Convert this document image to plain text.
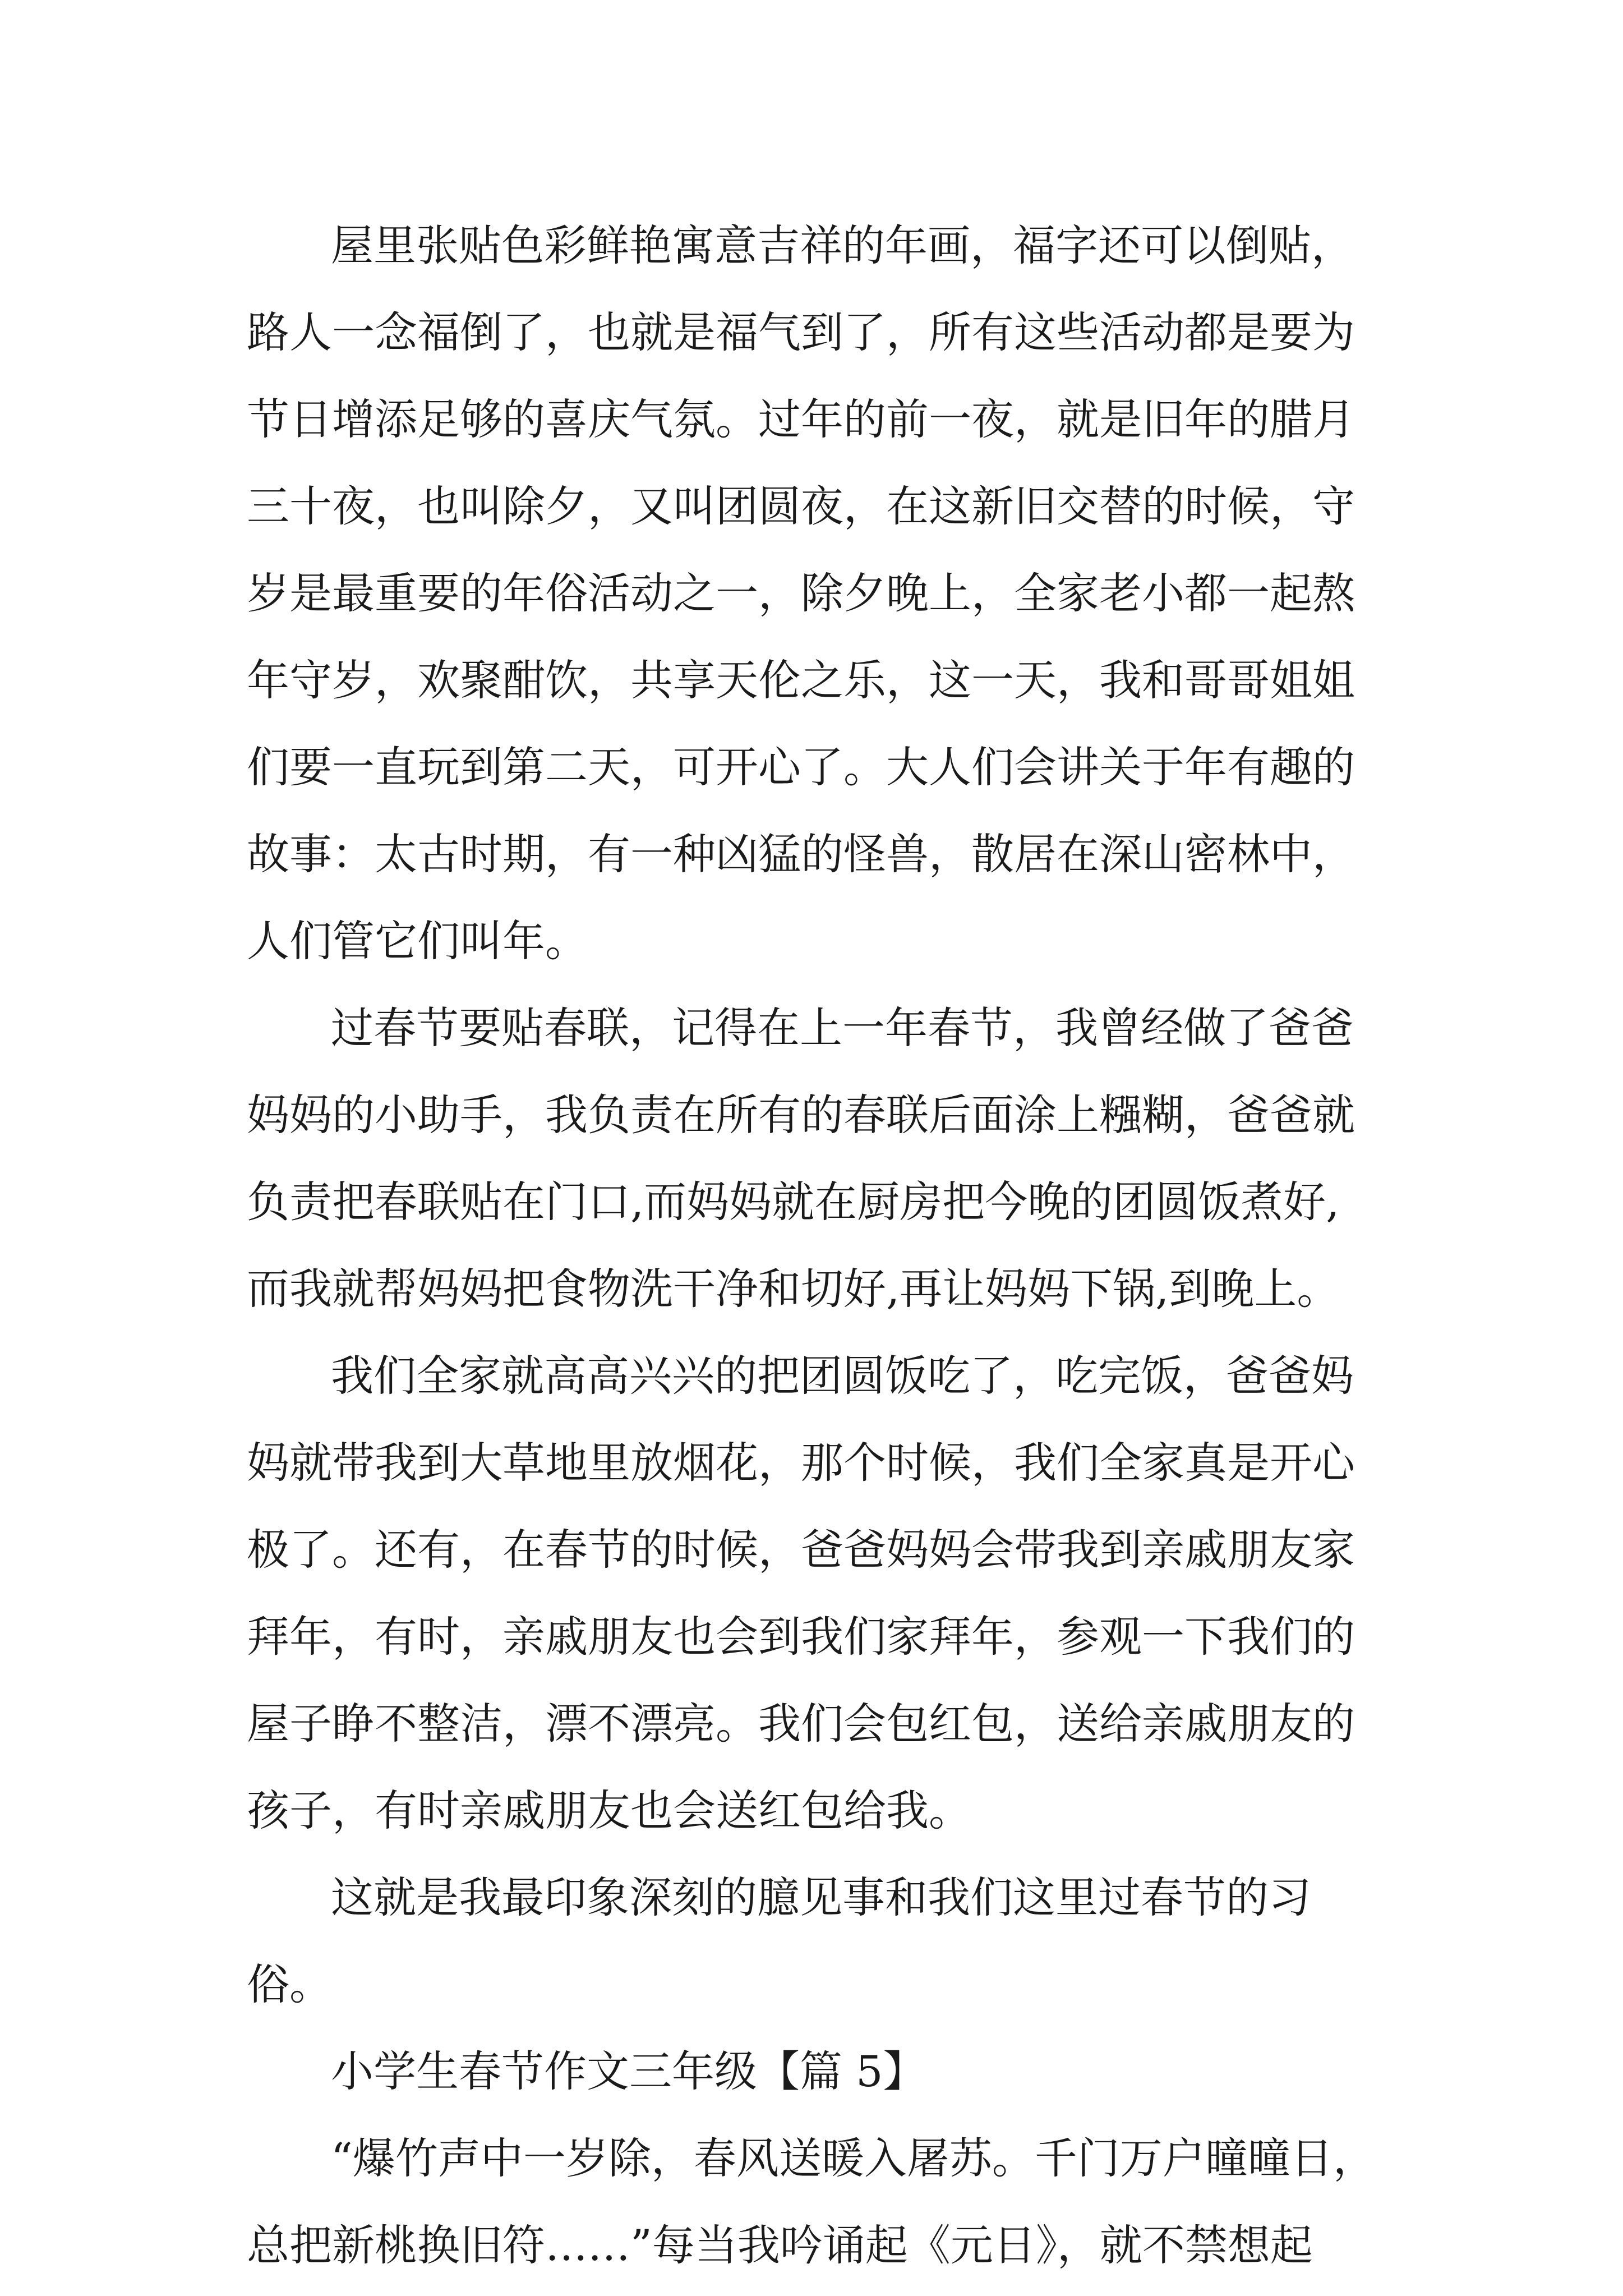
屋里张贴色彩鲜艳寓意吉祥的年画，福字还可以倒贴，
路人一念福倒了，也就是福气到了，所有这些活动都是要为
节日增添足够的喜庆气氛。过年的前一夜，就是旧年的腊月
三十夜，也叫除夕，又叫团圆夜，在这新旧交替的时候，守
岁是最重要的年俗活动之一，除夕晚上，全家老小都一起熬
年守岁，欢聚酣饮，共享天伦之乐，这一天，我和哥哥姐姐
们要一直玩到第二天，可开心了。大人们会讲关于年有趣的
故事：太古时期，有一种凶猛的怪兽，散居在深山密林中，
人们管它们叫年。
过春节要贴春联，记得在上一年春节，我曾经做了爸爸
妈妈的小助手，我负责在所有的春联后面涂上糨糊，爸爸就
负责把春联贴在门口,而妈妈就在厨房把今晚的团圆饭煮好,
而我就帮妈妈把食物洗干净和切好,再让妈妈下锅,到晚上。
我们全家就高高兴兴的把团圆饭吃了，吃完饭，爸爸妈
妈就带我到大草地里放烟花，那个时候，我们全家真是开心
极了。还有，在春节的时候，爸爸妈妈会带我到亲戚朋友家
拜年，有时，亲戚朋友也会到我们家拜年，参观一下我们的
屋子睁不整洁，漂不漂亮。我们会包红包，送给亲戚朋友的
孩子，有时亲戚朋友也会送红包给我。
这就是我最印象深刻的臆见事和我们这里过春节的习
俗。
小学生春节作文三年级【篇 5】
“爆竹声中一岁除，春风送暖入屠苏。千门万户曈曈日，
总把新桃换旧符……”每当我吟诵起《元日》，就不禁想起
